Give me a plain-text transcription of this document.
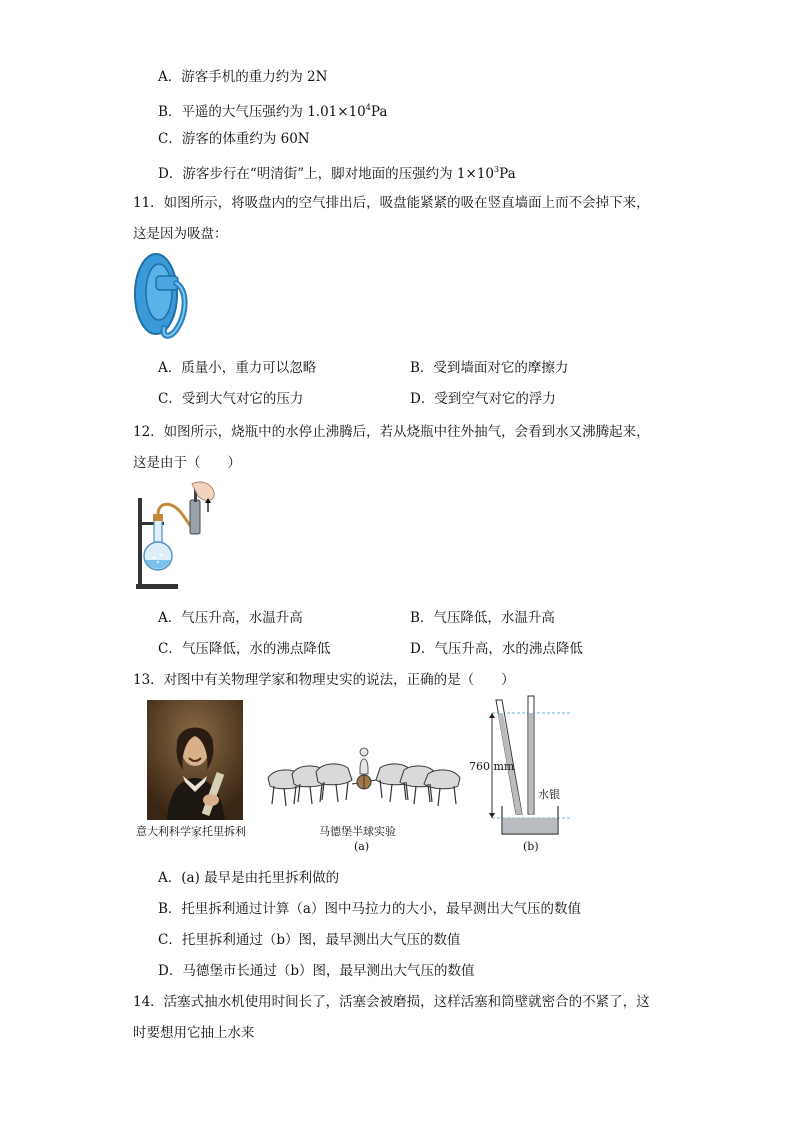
A．游客手机的重力约为 2N
B．平遥的大气压强约为 $1.01\times 10^4Pa$
C．游客的体重约为 60N
D．游客步行在“明清街”上，脚对地面的压强约为 $1\times 10^3Pa$
11．如图所示，将吸盘内的空气排出后，吸盘能紧紧的吸在竖直墙面上而不会掉下来，
这是因为吸盘：
A．质量小，重力可以忽略	B．受到墙面对它的摩擦力
C．受到大气对它的压力	D．受到空气对它的浮力
12．如图所示，烧瓶中的水停止沸腾后，若从烧瓶中往外抽气，会看到水又沸腾起来，
这是由于（　　）
A．气压升高，水温升高	B．气压降低，水温升高
C．气压降低，水的沸点降低	D．气压升高，水的沸点降低
13．对图中有关物理学家和物理史实的说法，正确的是（　　）
760 mm
水银
意大利科学家托里拆利	马德堡半球实验
(a)	(b)
A．(a) 最早是由托里拆利做的
B．托里拆利通过计算（a）图中马拉力的大小，最早测出大气压的数值
C．托里拆利通过（b）图，最早测出大气压的数值
D．马德堡市长通过（b）图，最早测出大气压的数值
14．活塞式抽水机使用时间长了，活塞会被磨损，这样活塞和筒壁就密合的不紧了，这
时要想用它抽上水来
